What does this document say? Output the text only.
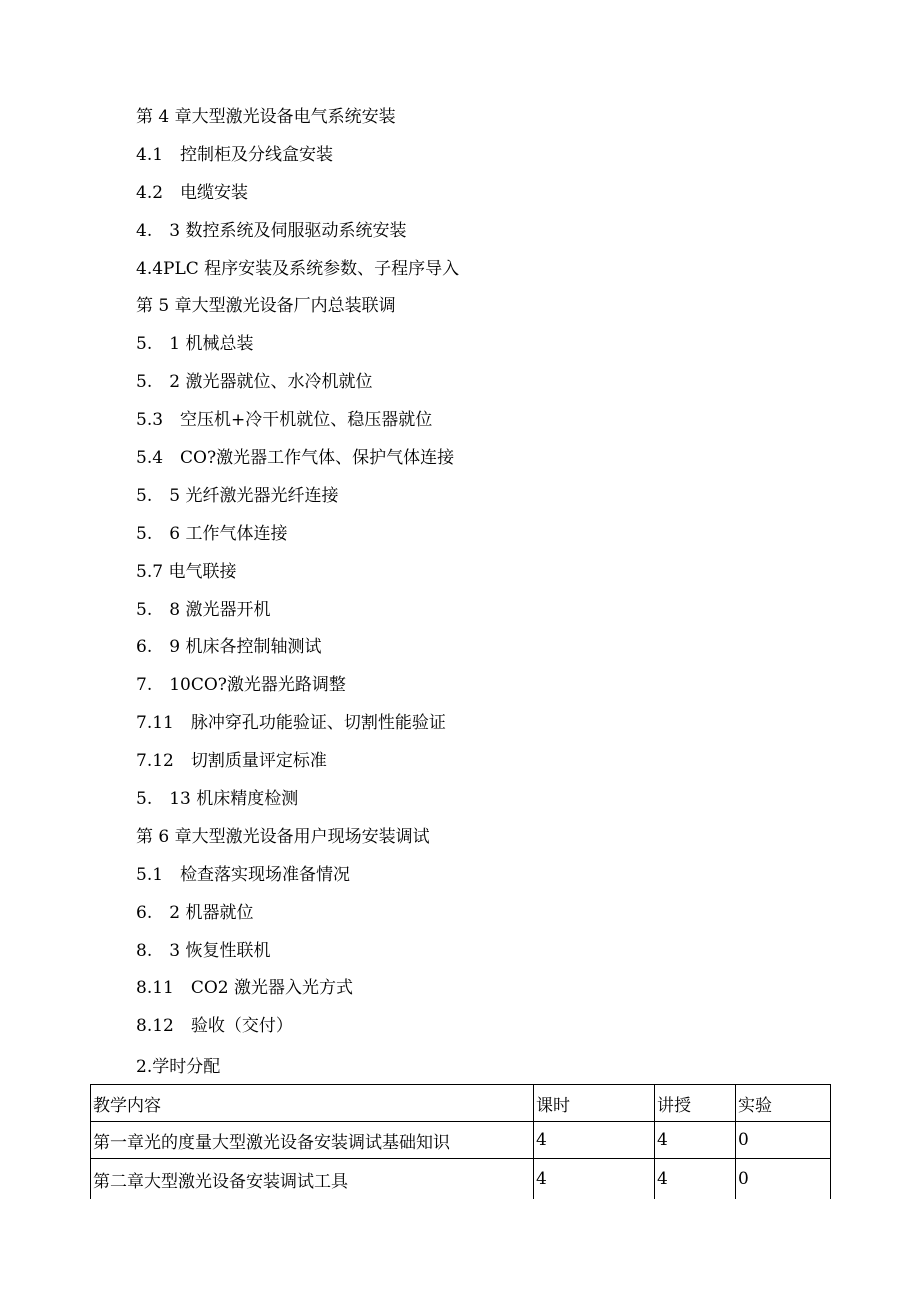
第 4 章大型激光设备电气系统安装
4.1　控制柜及分线盒安装
4.2　电缆安装
4.　3 数控系统及伺服驱动系统安装
4.4PLC 程序安装及系统参数、子程序导入
第 5 章大型激光设备厂内总装联调
5.　1 机械总装
5.　2 激光器就位、水冷机就位
5.3　空压机+冷干机就位、稳压器就位
5.4　CO?激光器工作气体、保护气体连接
5.　5 光纤激光器光纤连接
5.　6 工作气体连接
5.7 电气联接
5.　8 激光器开机
6.　9 机床各控制轴测试
7.　10CO?激光器光路调整
7.11　脉冲穿孔功能验证、切割性能验证
7.12　切割质量评定标准
5.　13 机床精度检测
第 6 章大型激光设备用户现场安装调试
5.1　检查落实现场准备情况
6.　2 机器就位
8.　3 恢复性联机
8.11　CO2 激光器入光方式
8.12　验收（交付）

2.学时分配

教学内容	课时	讲授	实验
第一章光的度量大型激光设备安装调试基础知识	4	4	0
第二章大型激光设备安装调试工具	4	4	0
